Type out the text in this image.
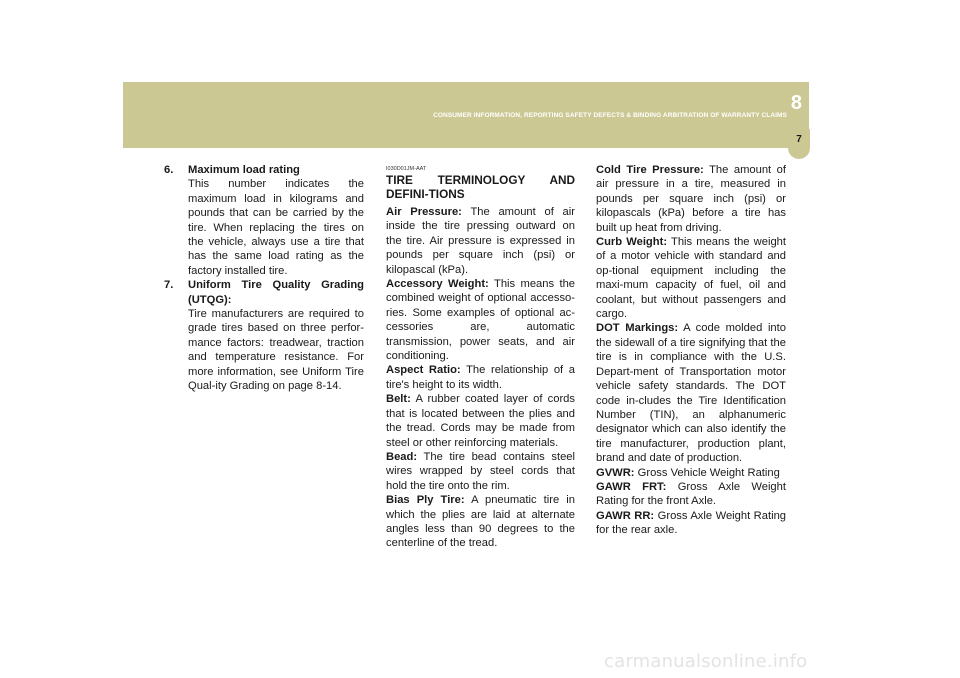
CONSUMER INFORMATION, REPORTING SAFETY DEFECTS & BINDING ARBITRATION OF WARRANTY CLAIMS
8
7
6. Maximum load rating
This number indicates the maximum load in kilograms and pounds that can be carried by the tire. When replacing the tires on the vehicle, always use a tire that has the same load rating as the factory installed tire.
7. Uniform Tire Quality Grading (UTQG):
Tire manufacturers are required to grade tires based on three perfor-mance factors: treadwear, traction and temperature resistance. For more information, see Uniform Tire Qual-ity Grading on page 8-14.
I030D01JM-AAT
TIRE TERMINOLOGY AND DEFINI-TIONS
Air Pressure: The amount of air inside the tire pressing outward on the tire. Air pressure is expressed in pounds per square inch (psi) or kilopascal (kPa).
Accessory Weight: This means the combined weight of optional accesso-ries. Some examples of optional ac-cessories are, automatic transmission, power seats, and air conditioning.
Aspect Ratio: The relationship of a tire's height to its width.
Belt: A rubber coated layer of cords that is located between the plies and the tread. Cords may be made from steel or other reinforcing materials.
Bead: The tire bead contains steel wires wrapped by steel cords that hold the tire onto the rim.
Bias Ply Tire: A pneumatic tire in which the plies are laid at alternate angles less than 90 degrees to the centerline of the tread.
Cold Tire Pressure: The amount of air pressure in a tire, measured in pounds per square inch (psi) or kilopascals (kPa) before a tire has built up heat from driving.
Curb Weight: This means the weight of a motor vehicle with standard and op-tional equipment including the maxi-mum capacity of fuel, oil and coolant, but without passengers and cargo.
DOT Markings: A code molded into the sidewall of a tire signifying that the tire is in compliance with the U.S. Depart-ment of Transportation motor vehicle safety standards. The DOT code in-cludes the Tire Identification Number (TIN), an alphanumeric designator which can also identify the tire manufacturer, production plant, brand and date of production.
GVWR: Gross Vehicle Weight Rating
GAWR FRT: Gross Axle Weight Rating for the front Axle.
GAWR RR: Gross Axle Weight Rating for the rear axle.
carmanualsonline.info
